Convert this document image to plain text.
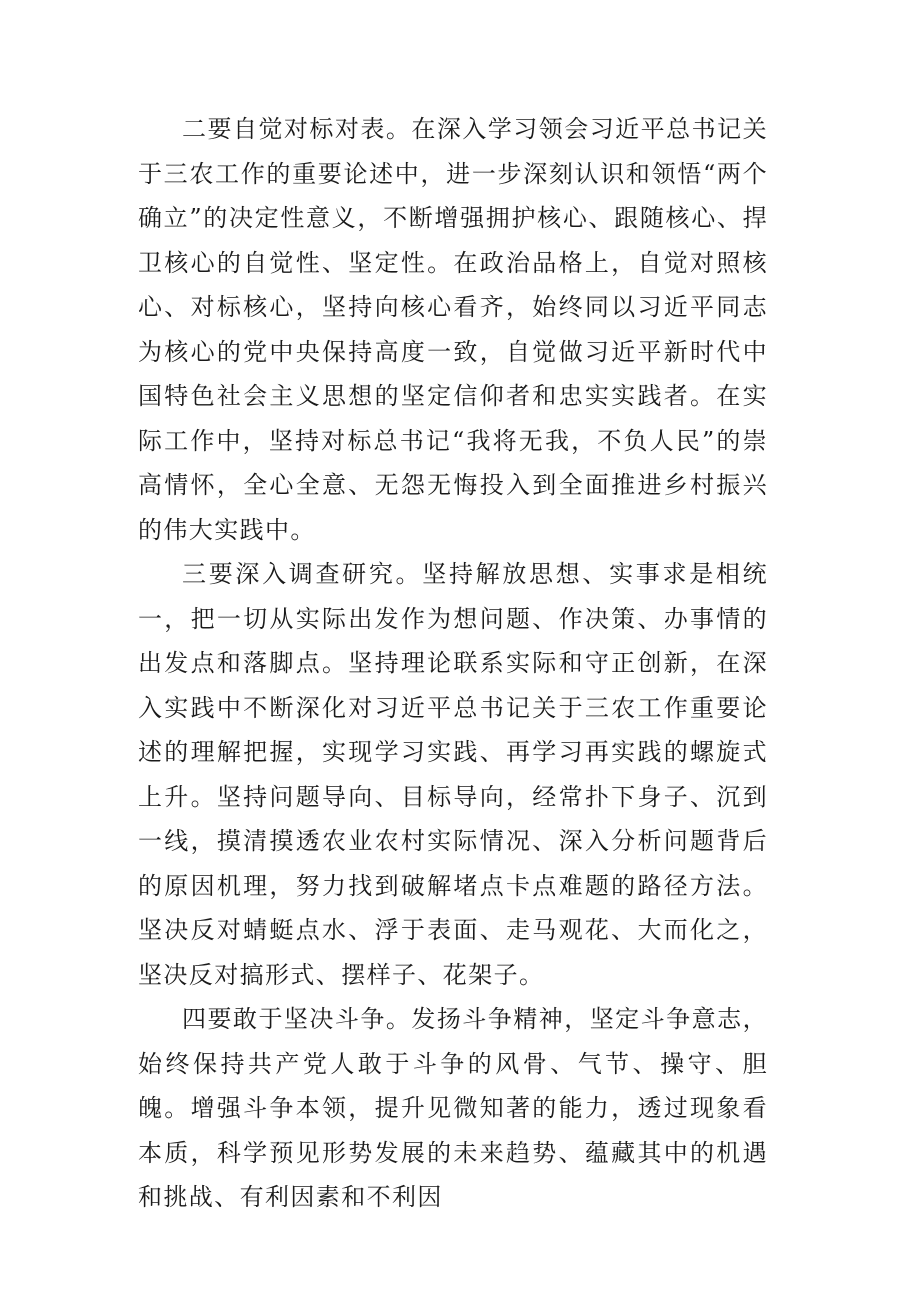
二要自觉对标对表。在深入学习领会习近平总书记关于三农工作的重要论述中，进一步深刻认识和领悟“两个确立”的决定性意义，不断增强拥护核心、跟随核心、捍卫核心的自觉性、坚定性。在政治品格上，自觉对照核心、对标核心，坚持向核心看齐，始终同以习近平同志为核心的党中央保持高度一致，自觉做习近平新时代中国特色社会主义思想的坚定信仰者和忠实实践者。在实际工作中，坚持对标总书记“我将无我，不负人民”的崇高情怀，全心全意、无怨无悔投入到全面推进乡村振兴的伟大实践中。

三要深入调查研究。坚持解放思想、实事求是相统一，把一切从实际出发作为想问题、作决策、办事情的出发点和落脚点。坚持理论联系实际和守正创新，在深入实践中不断深化对习近平总书记关于三农工作重要论述的理解把握，实现学习实践、再学习再实践的螺旋式上升。坚持问题导向、目标导向，经常扑下身子、沉到一线，摸清摸透农业农村实际情况、深入分析问题背后的原因机理，努力找到破解堵点卡点难题的路径方法。坚决反对蜻蜓点水、浮于表面、走马观花、大而化之，坚决反对搞形式、摆样子、花架子。

四要敢于坚决斗争。发扬斗争精神，坚定斗争意志，始终保持共产党人敢于斗争的风骨、气节、操守、胆魄。增强斗争本领，提升见微知著的能力，透过现象看本质，科学预见形势发展的未来趋势、蕴藏其中的机遇和挑战、有利因素和不利因
